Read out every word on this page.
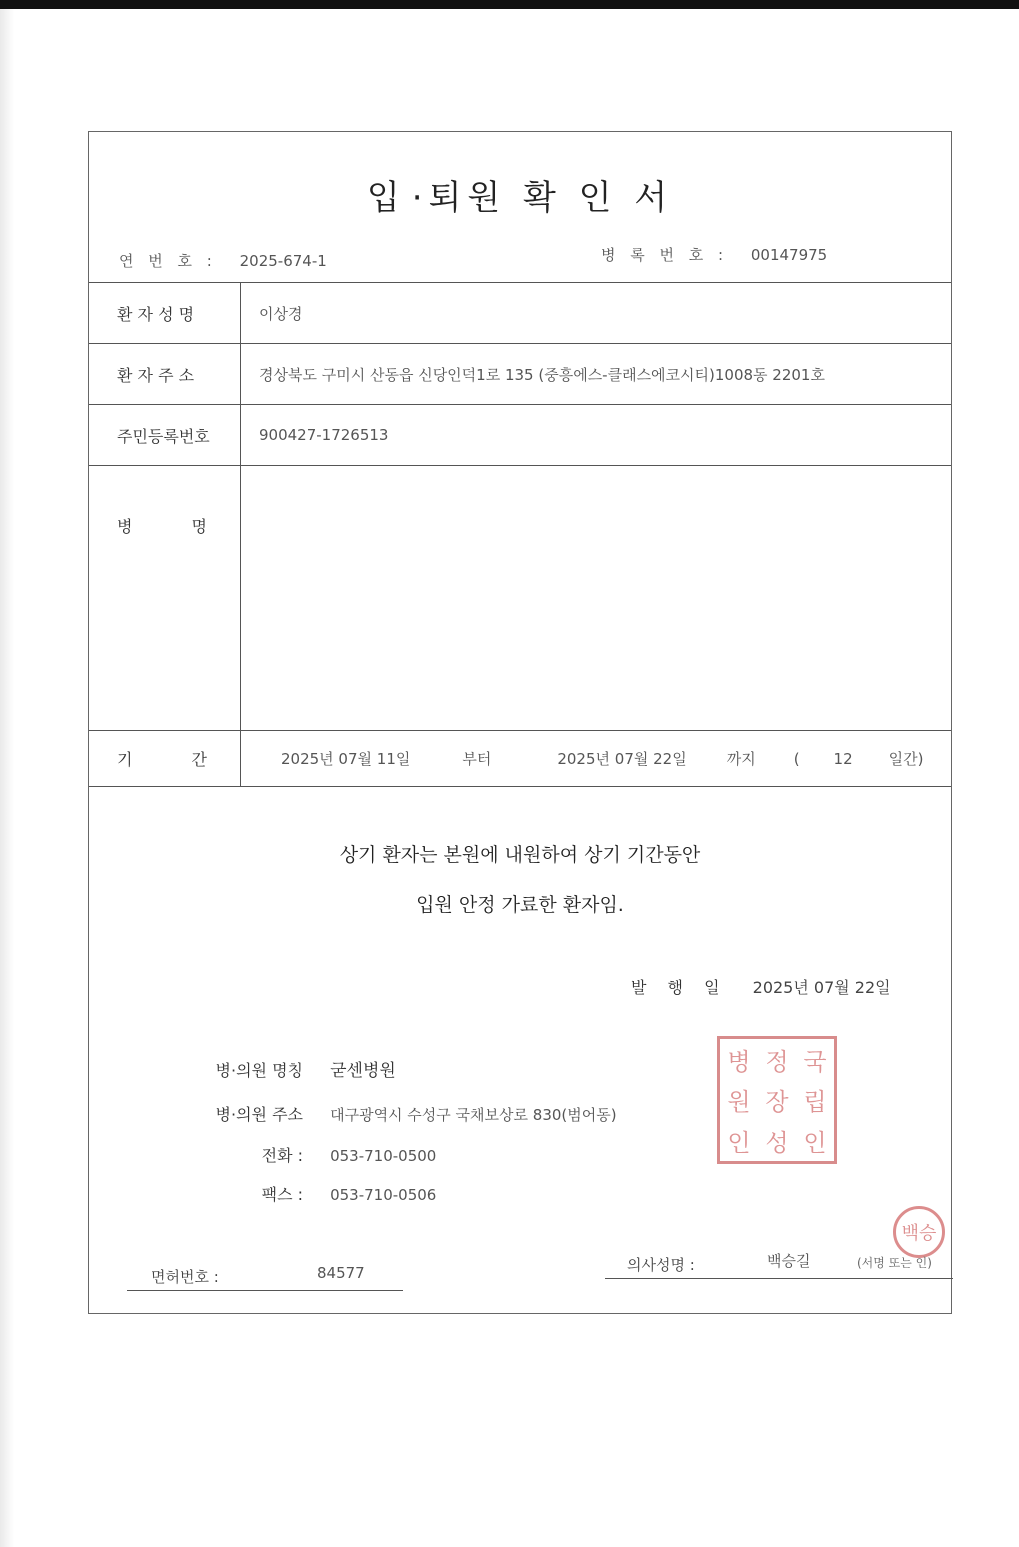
입 · 퇴원 확 인 서
연 번 호 : 2025-674-1	병 록 번 호 : 00147975
환 자 성 명	이상경
환 자 주 소	경상북도 구미시 산동읍 신당인덕1로 135 (중흥에스-클래스에코시티)1008동 2201호
주민등록번호	900427-1726513
병	명
기	간	2025년 07월 11일	부터	2025년 07월 22일	까지	( 12 일간)
상기 환자는 본원에 내원하여 상기 기간동안
입원 안정 가료한 환자임.
발 행 일 2025년 07월 22일
병·의원 명칭 굳센병원
병·의원 주소 대구광역시 수성구 국채보상로 830(범어동)
전화 : 053-710-0500
팩스 : 053-710-0506
병 정 국
원 장 립
인 성 인
백승
면허번호 :	84577	의사성명 :	백승길	(서명 또는 인)
